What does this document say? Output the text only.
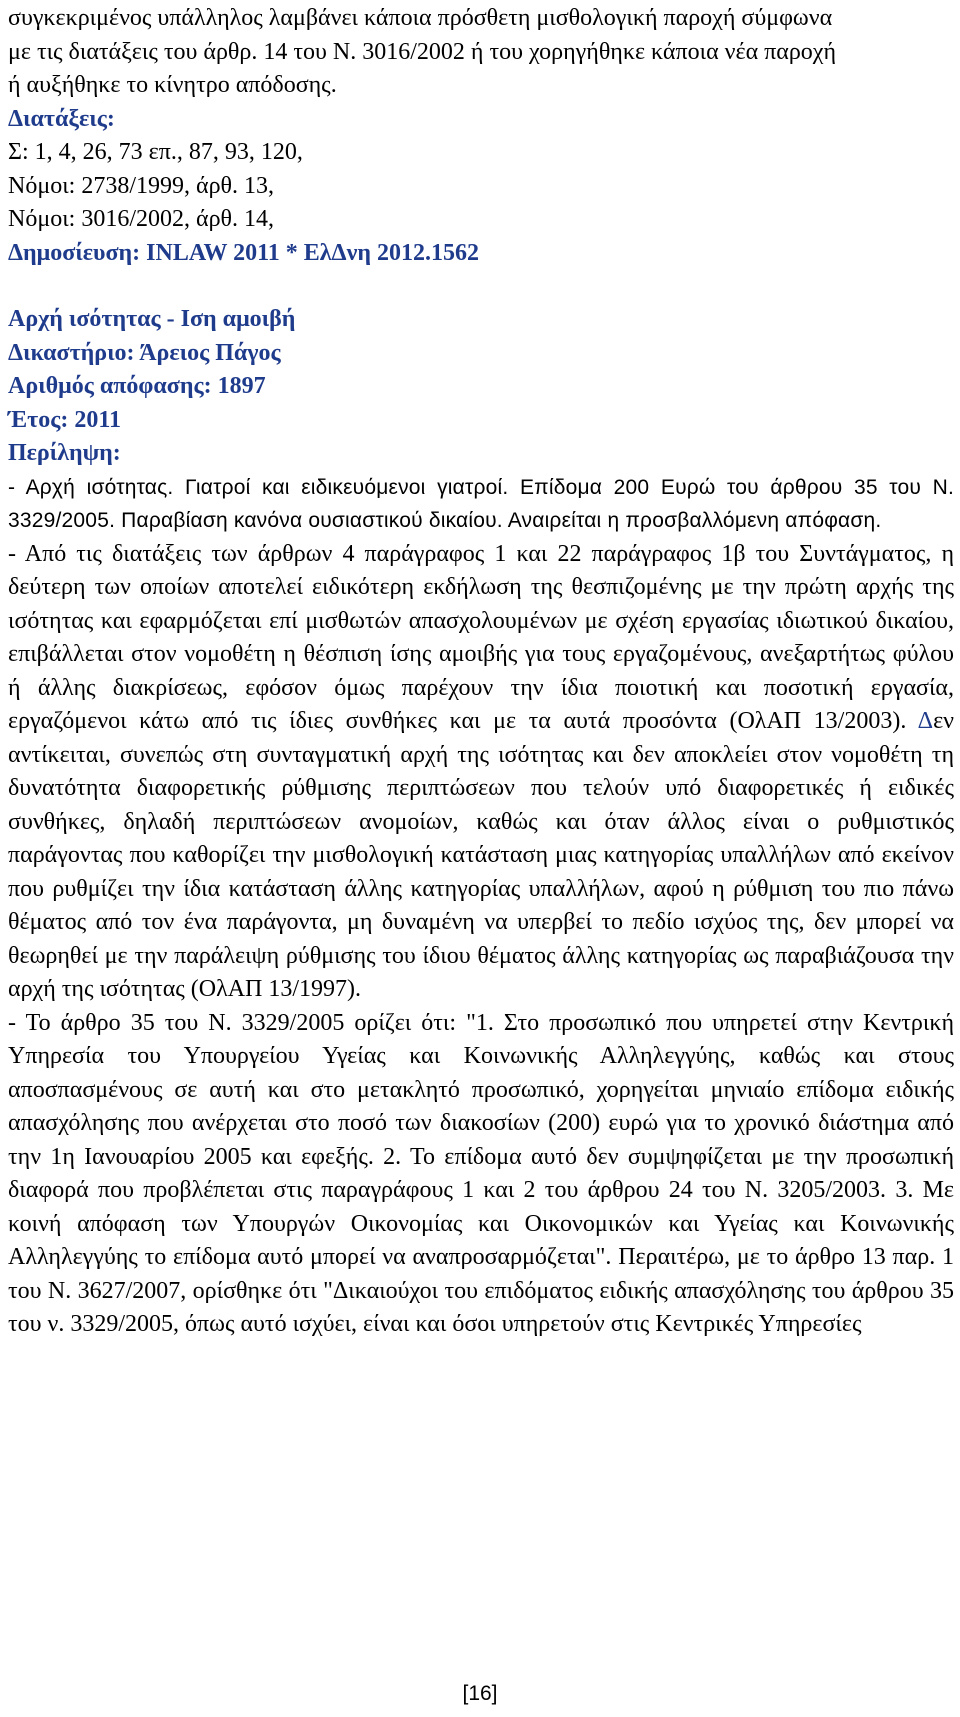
συγκεκριμένος υπάλληλος λαμβάνει κάποια πρόσθετη μισθολογική παροχή σύμφωνα
με τις διατάξεις του άρθρ. 14 του Ν. 3016/2002 ή του χορηγήθηκε κάποια νέα παροχή
ή αυξήθηκε το κίνητρο απόδοσης.
Διατάξεις:
Σ: 1, 4, 26, 73 επ., 87, 93, 120,
Νόμοι: 2738/1999, άρθ. 13,
Νόμοι: 3016/2002, άρθ. 14,
Δημοσίευση: INLAW 2011 * ΕλΔνη 2012.1562
Αρχή ισότητας - Ιση αμοιβή
Δικαστήριο: Άρειος Πάγος
Αριθμός απόφασης: 1897
Έτος: 2011
Περίληψη:

- Αρχή ισότητας. Γιατροί και ειδικευόμενοι γιατροί. Επίδομα 200 Ευρώ του άρθρου 35 του Ν. 3329/2005. Παραβίαση κανόνα ουσιαστικού δικαίου. Αναιρείται η προσβαλλόμενη απόφαση.

- Από τις διατάξεις των άρθρων 4 παράγραφος 1 και 22 παράγραφος 1β του Συντάγματος, η δεύτερη των οποίων αποτελεί ειδικότερη εκδήλωση της θεσπιζομένης με την πρώτη αρχής της ισότητας και εφαρμόζεται επί μισθωτών απασχολουμένων με σχέση εργασίας ιδιωτικού δικαίου, επιβάλλεται στον νομοθέτη η θέσπιση ίσης αμοιβής για τους εργαζομένους, ανεξαρτήτως φύλου ή άλλης διακρίσεως, εφόσον όμως παρέχουν την ίδια ποιοτική και ποσοτική εργασία, εργαζόμενοι κάτω από τις ίδιες συνθήκες και με τα αυτά προσόντα (ΟλΑΠ 13/2003). Δεν αντίκειται, συνεπώς στη συνταγματική αρχή της ισότητας και δεν αποκλείει στον νομοθέτη τη δυνατότητα διαφορετικής ρύθμισης περιπτώσεων που τελούν υπό διαφορετικές ή ειδικές συνθήκες, δηλαδή περιπτώσεων ανομοίων, καθώς και όταν άλλος είναι ο ρυθμιστικός παράγοντας που καθορίζει την μισθολογική κατάσταση μιας κατηγορίας υπαλλήλων από εκείνον που ρυθμίζει την ίδια κατάσταση άλλης κατηγορίας υπαλλήλων, αφού η ρύθμιση του πιο πάνω θέματος από τον ένα παράγοντα, μη δυναμένη να υπερβεί το πεδίο ισχύος της, δεν μπορεί να θεωρηθεί με την παράλειψη ρύθμισης του ίδιου θέματος άλλης κατηγορίας ως παραβιάζουσα την αρχή της ισότητας (ΟλΑΠ 13/1997).

- Το άρθρο 35 του Ν. 3329/2005 ορίζει ότι: "1. Στο προσωπικό που υπηρετεί στην Κεντρική Υπηρεσία του Υπουργείου Υγείας και Κοινωνικής Αλληλεγγύης, καθώς και στους αποσπασμένους σε αυτή και στο μετακλητό προσωπικό, χορηγείται μηνιαίο επίδομα ειδικής απασχόλησης που ανέρχεται στο ποσό των διακοσίων (200) ευρώ για το χρονικό διάστημα από την 1η Ιανουαρίου 2005 και εφεξής. 2. Το επίδομα αυτό δεν συμψηφίζεται με την προσωπική διαφορά που προβλέπεται στις παραγράφους 1 και 2 του άρθρου 24 του Ν. 3205/2003. 3. Με κοινή απόφαση των Υπουργών Οικονομίας και Οικονομικών και Υγείας και Κοινωνικής Αλληλεγγύης το επίδομα αυτό μπορεί να αναπροσαρμόζεται". Περαιτέρω, με το άρθρο 13 παρ. 1 του Ν. 3627/2007, ορίσθηκε ότι "Δικαιούχοι του επιδόματος ειδικής απασχόλησης του άρθρου 35 του ν. 3329/2005, όπως αυτό ισχύει, είναι και όσοι υπηρετούν στις Κεντρικές Υπηρεσίες

[16]
